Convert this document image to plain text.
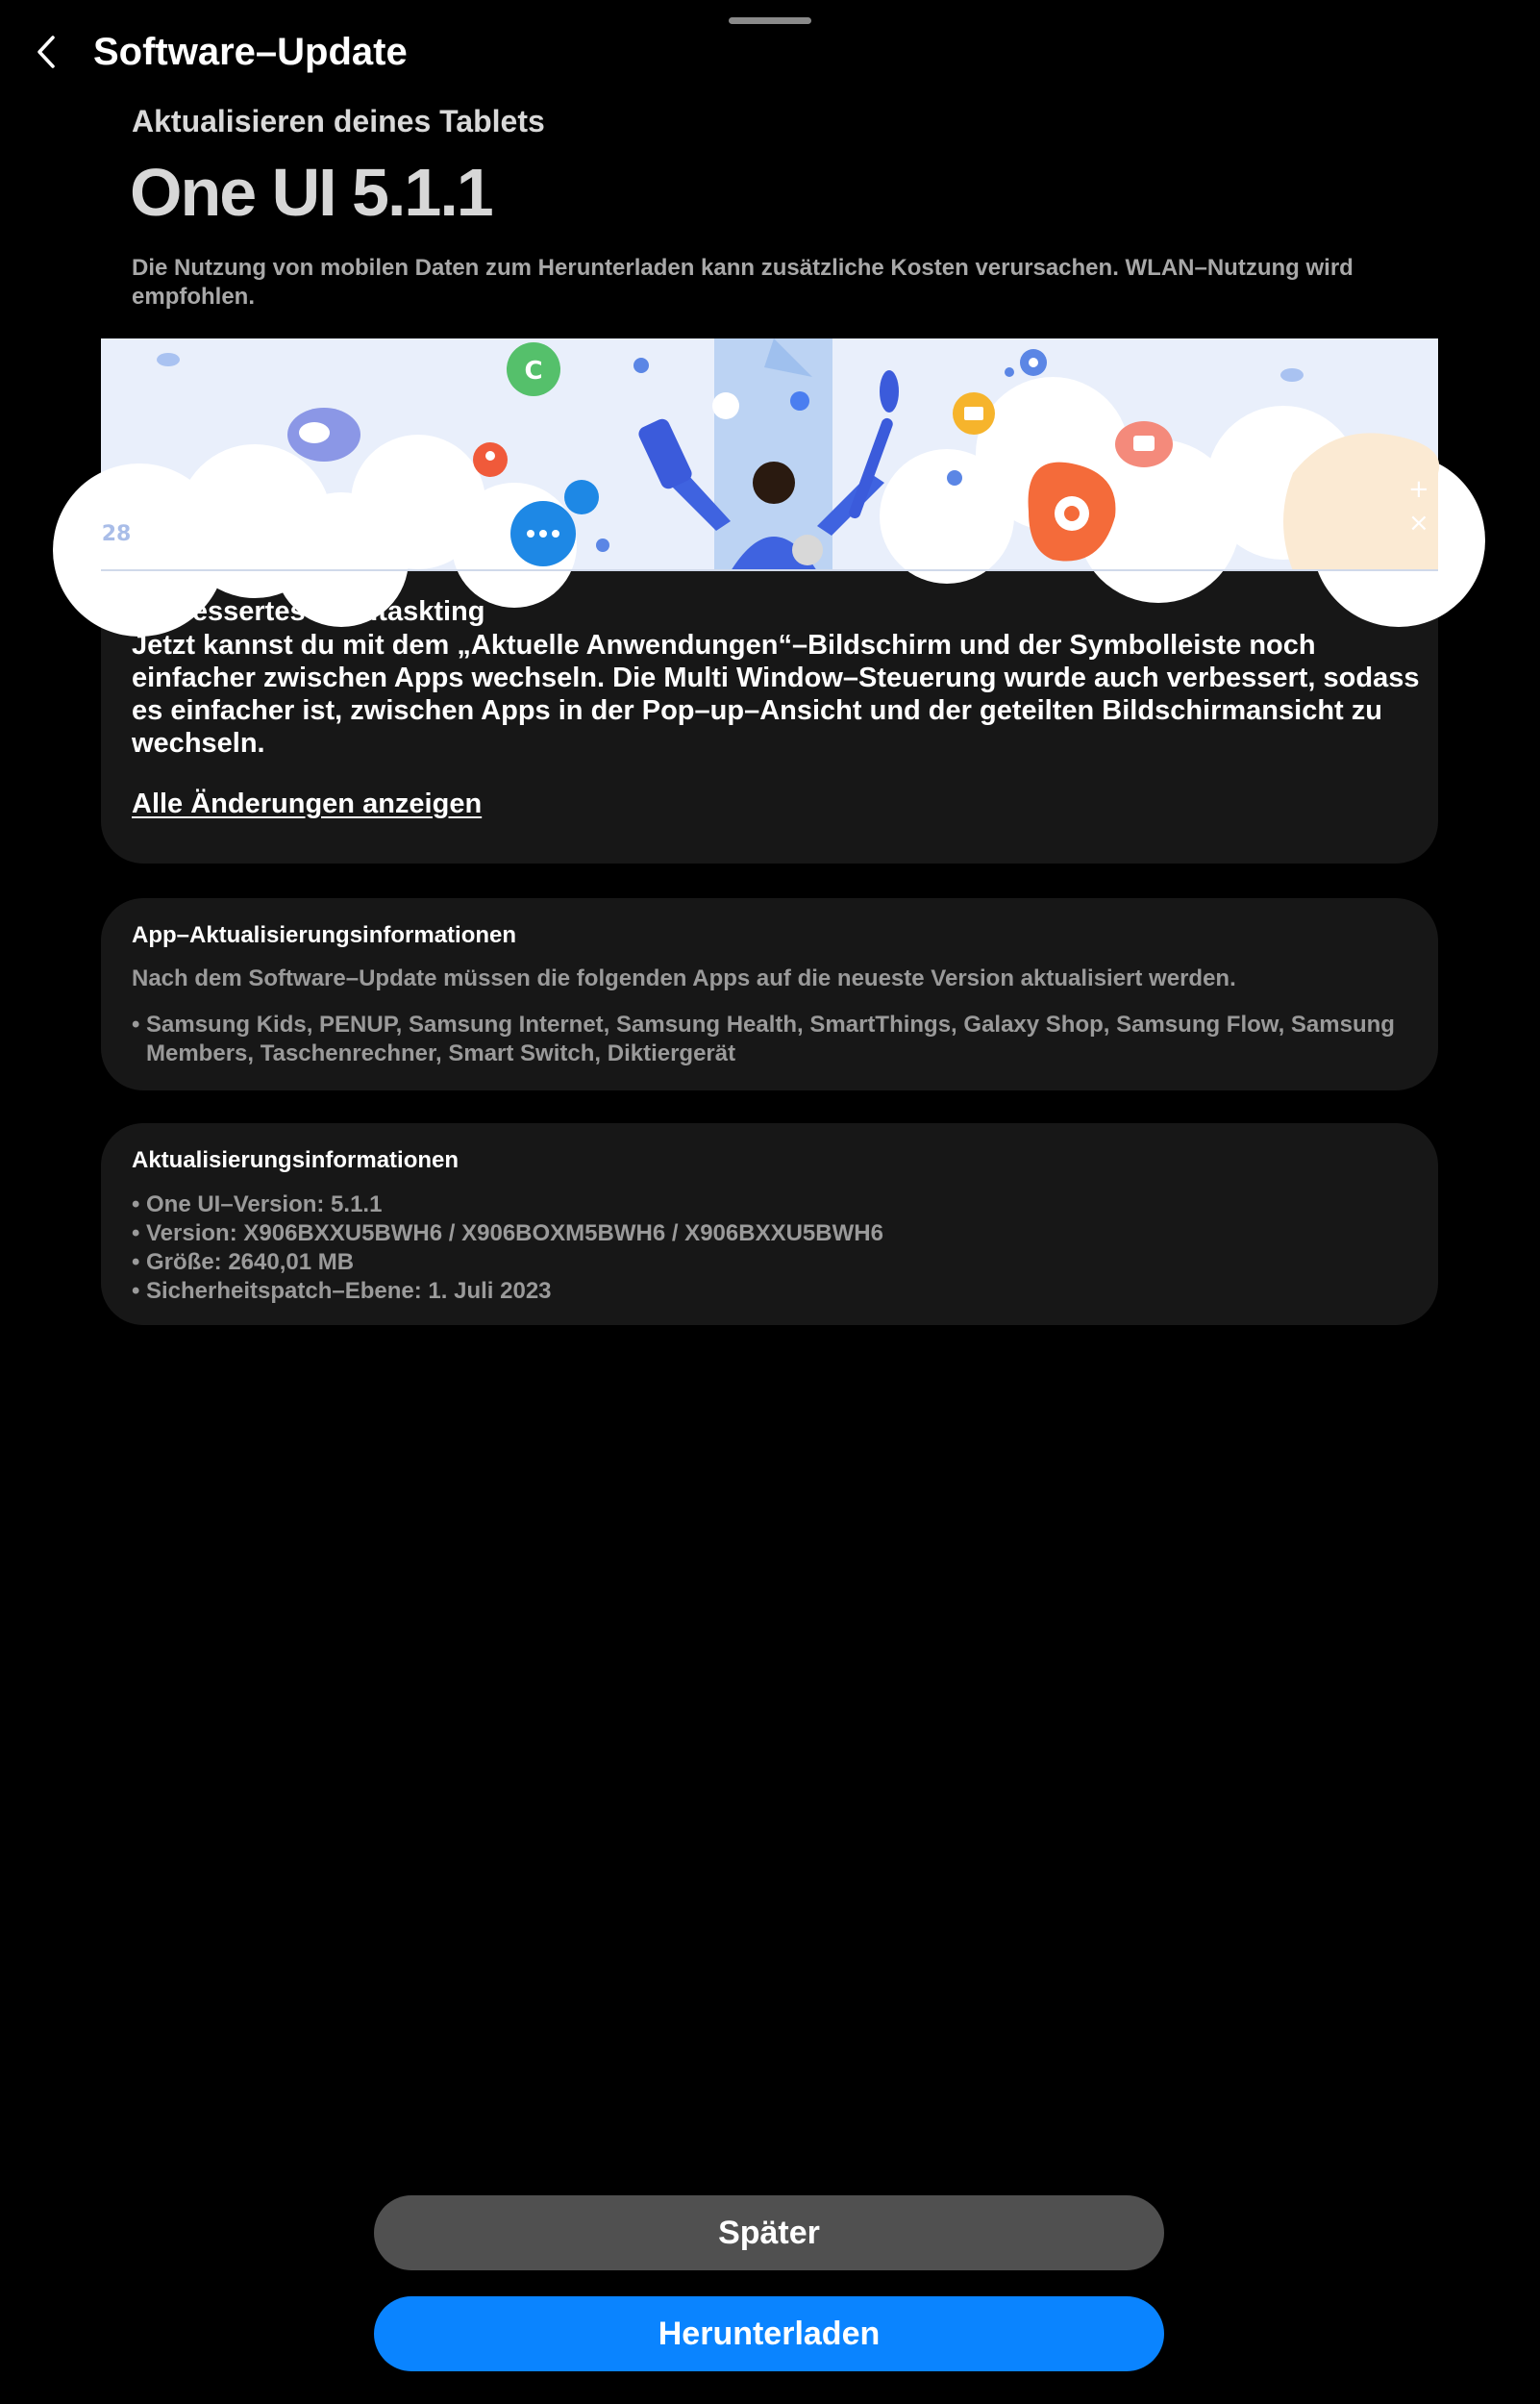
Software–Update
Aktualisieren deines Tablets
One UI 5.1.1
Die Nutzung von mobilen Daten zum Herunterladen kann zusätzliche Kosten verursachen. WLAN–Nutzung wird empfohlen.
C
+ −
× +
28
Verbessertes Multitaskting
Jetzt kannst du mit dem „Aktuelle Anwendungen“–Bildschirm und der Symbolleiste noch einfacher zwischen Apps wechseln. Die Multi Window–Steuerung wurde auch verbessert, sodass es einfacher ist, zwischen Apps in der Pop–up–Ansicht und der geteilten Bildschirmansicht zu wechseln.
Alle Änderungen anzeigen
App–Aktualisierungsinformationen
Nach dem Software–Update müssen die folgenden Apps auf die neueste Version aktualisiert werden.
• Samsung Kids, PENUP, Samsung Internet, Samsung Health, SmartThings, Galaxy Shop, Samsung Flow, Samsung
Members, Taschenrechner, Smart Switch, Diktiergerät
Aktualisierungsinformationen
• One UI–Version: 5.1.1
• Version: X906BXXU5BWH6 / X906BOXM5BWH6 / X906BXXU5BWH6
• Größe: 2640,01 MB
• Sicherheitspatch–Ebene: 1. Juli 2023
Später
Herunterladen
